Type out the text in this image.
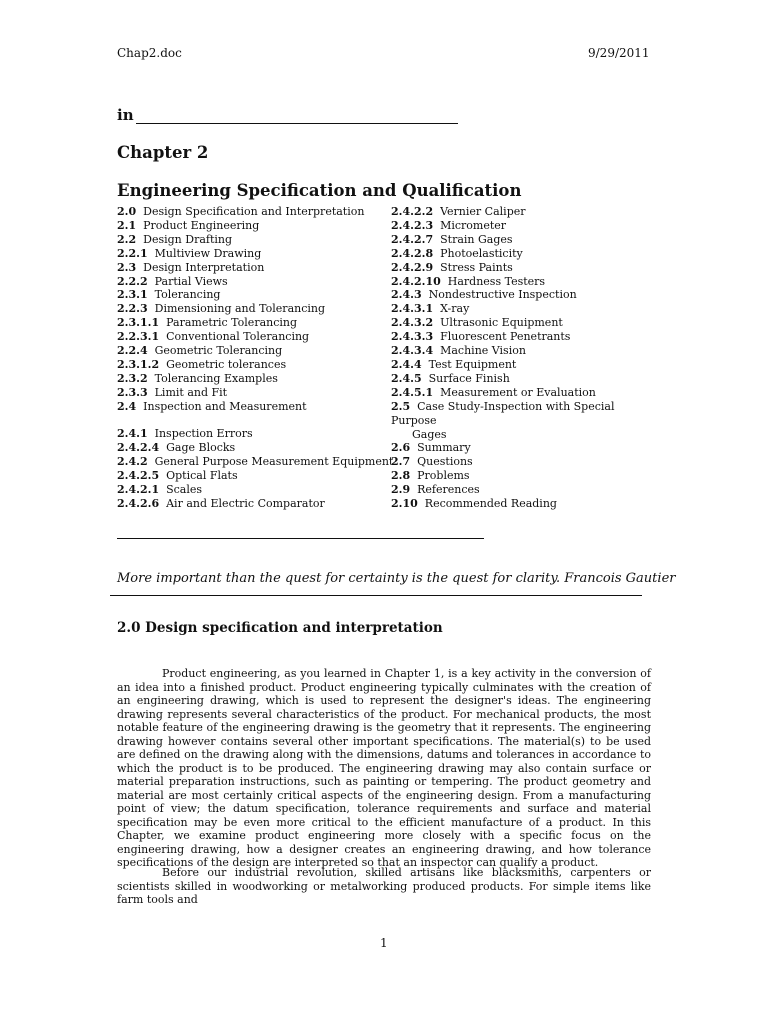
Chap2.doc	9/29/2011
in
Chapter 2
Engineering Specification and Qualification
2.0 Design Specification and Interpretation
2.1 Product Engineering
2.2 Design Drafting
2.2.1 Multiview Drawing
2.3 Design Interpretation
2.2.2 Partial Views
2.3.1 Tolerancing
2.2.3 Dimensioning and Tolerancing
2.3.1.1 Parametric Tolerancing
2.2.3.1 Conventional Tolerancing
2.2.4 Geometric Tolerancing
2.3.1.2 Geometric tolerances
2.3.2 Tolerancing Examples
2.3.3 Limit and Fit
2.4 Inspection and Measurement
2.4.1 Inspection Errors
2.4.2.4 Gage Blocks
2.4.2 General Purpose Measurement Equipment
2.4.2.5 Optical Flats
2.4.2.1 Scales
2.4.2.6 Air and Electric Comparator
2.4.2.2 Vernier Caliper
2.4.2.3 Micrometer
2.4.2.7 Strain Gages
2.4.2.8 Photoelasticity
2.4.2.9 Stress Paints
2.4.2.10 Hardness Testers
2.4.3 Nondestructive Inspection
2.4.3.1 X-ray
2.4.3.2 Ultrasonic Equipment
2.4.3.3 Fluorescent Penetrants
2.4.3.4 Machine Vision
2.4.4 Test Equipment
2.4.5 Surface Finish
2.4.5.1 Measurement or Evaluation
2.5 Case Study-Inspection with Special Purpose
Gages
2.6 Summary
2.7 Questions
2.8 Problems
2.9 References
2.10 Recommended Reading
More important than the quest for certainty is the quest for clarity. Francois Gautier
2.0 Design specification and interpretation

Product engineering, as you learned in Chapter 1, is a key activity in the conversion of an idea into a finished product. Product engineering typically culminates with the creation of an engineering drawing, which is used to represent the designer's ideas. The engineering drawing represents several characteristics of the product. For mechanical products, the most notable feature of the engineering drawing is the geometry that it represents. The engineering drawing however contains several other important specifications. The material(s) to be used are defined on the drawing along with the dimensions, datums and tolerances in accordance to which the product is to be produced. The engineering drawing may also contain surface or material preparation instructions, such as painting or tempering. The product geometry and material are most certainly critical aspects of the engineering design. From a manufacturing point of view; the datum specification, tolerance requirements and surface and material specification may be even more critical to the efficient manufacture of a product. In this Chapter, we examine product engineering more closely with a specific focus on the engineering drawing, how a designer creates an engineering drawing, and how tolerance specifications of the design are interpreted so that an inspector can qualify a product.

Before our industrial revolution, skilled artisans like blacksmiths, carpenters or scientists skilled in woodworking or metalworking produced products. For simple items like farm tools and

1
